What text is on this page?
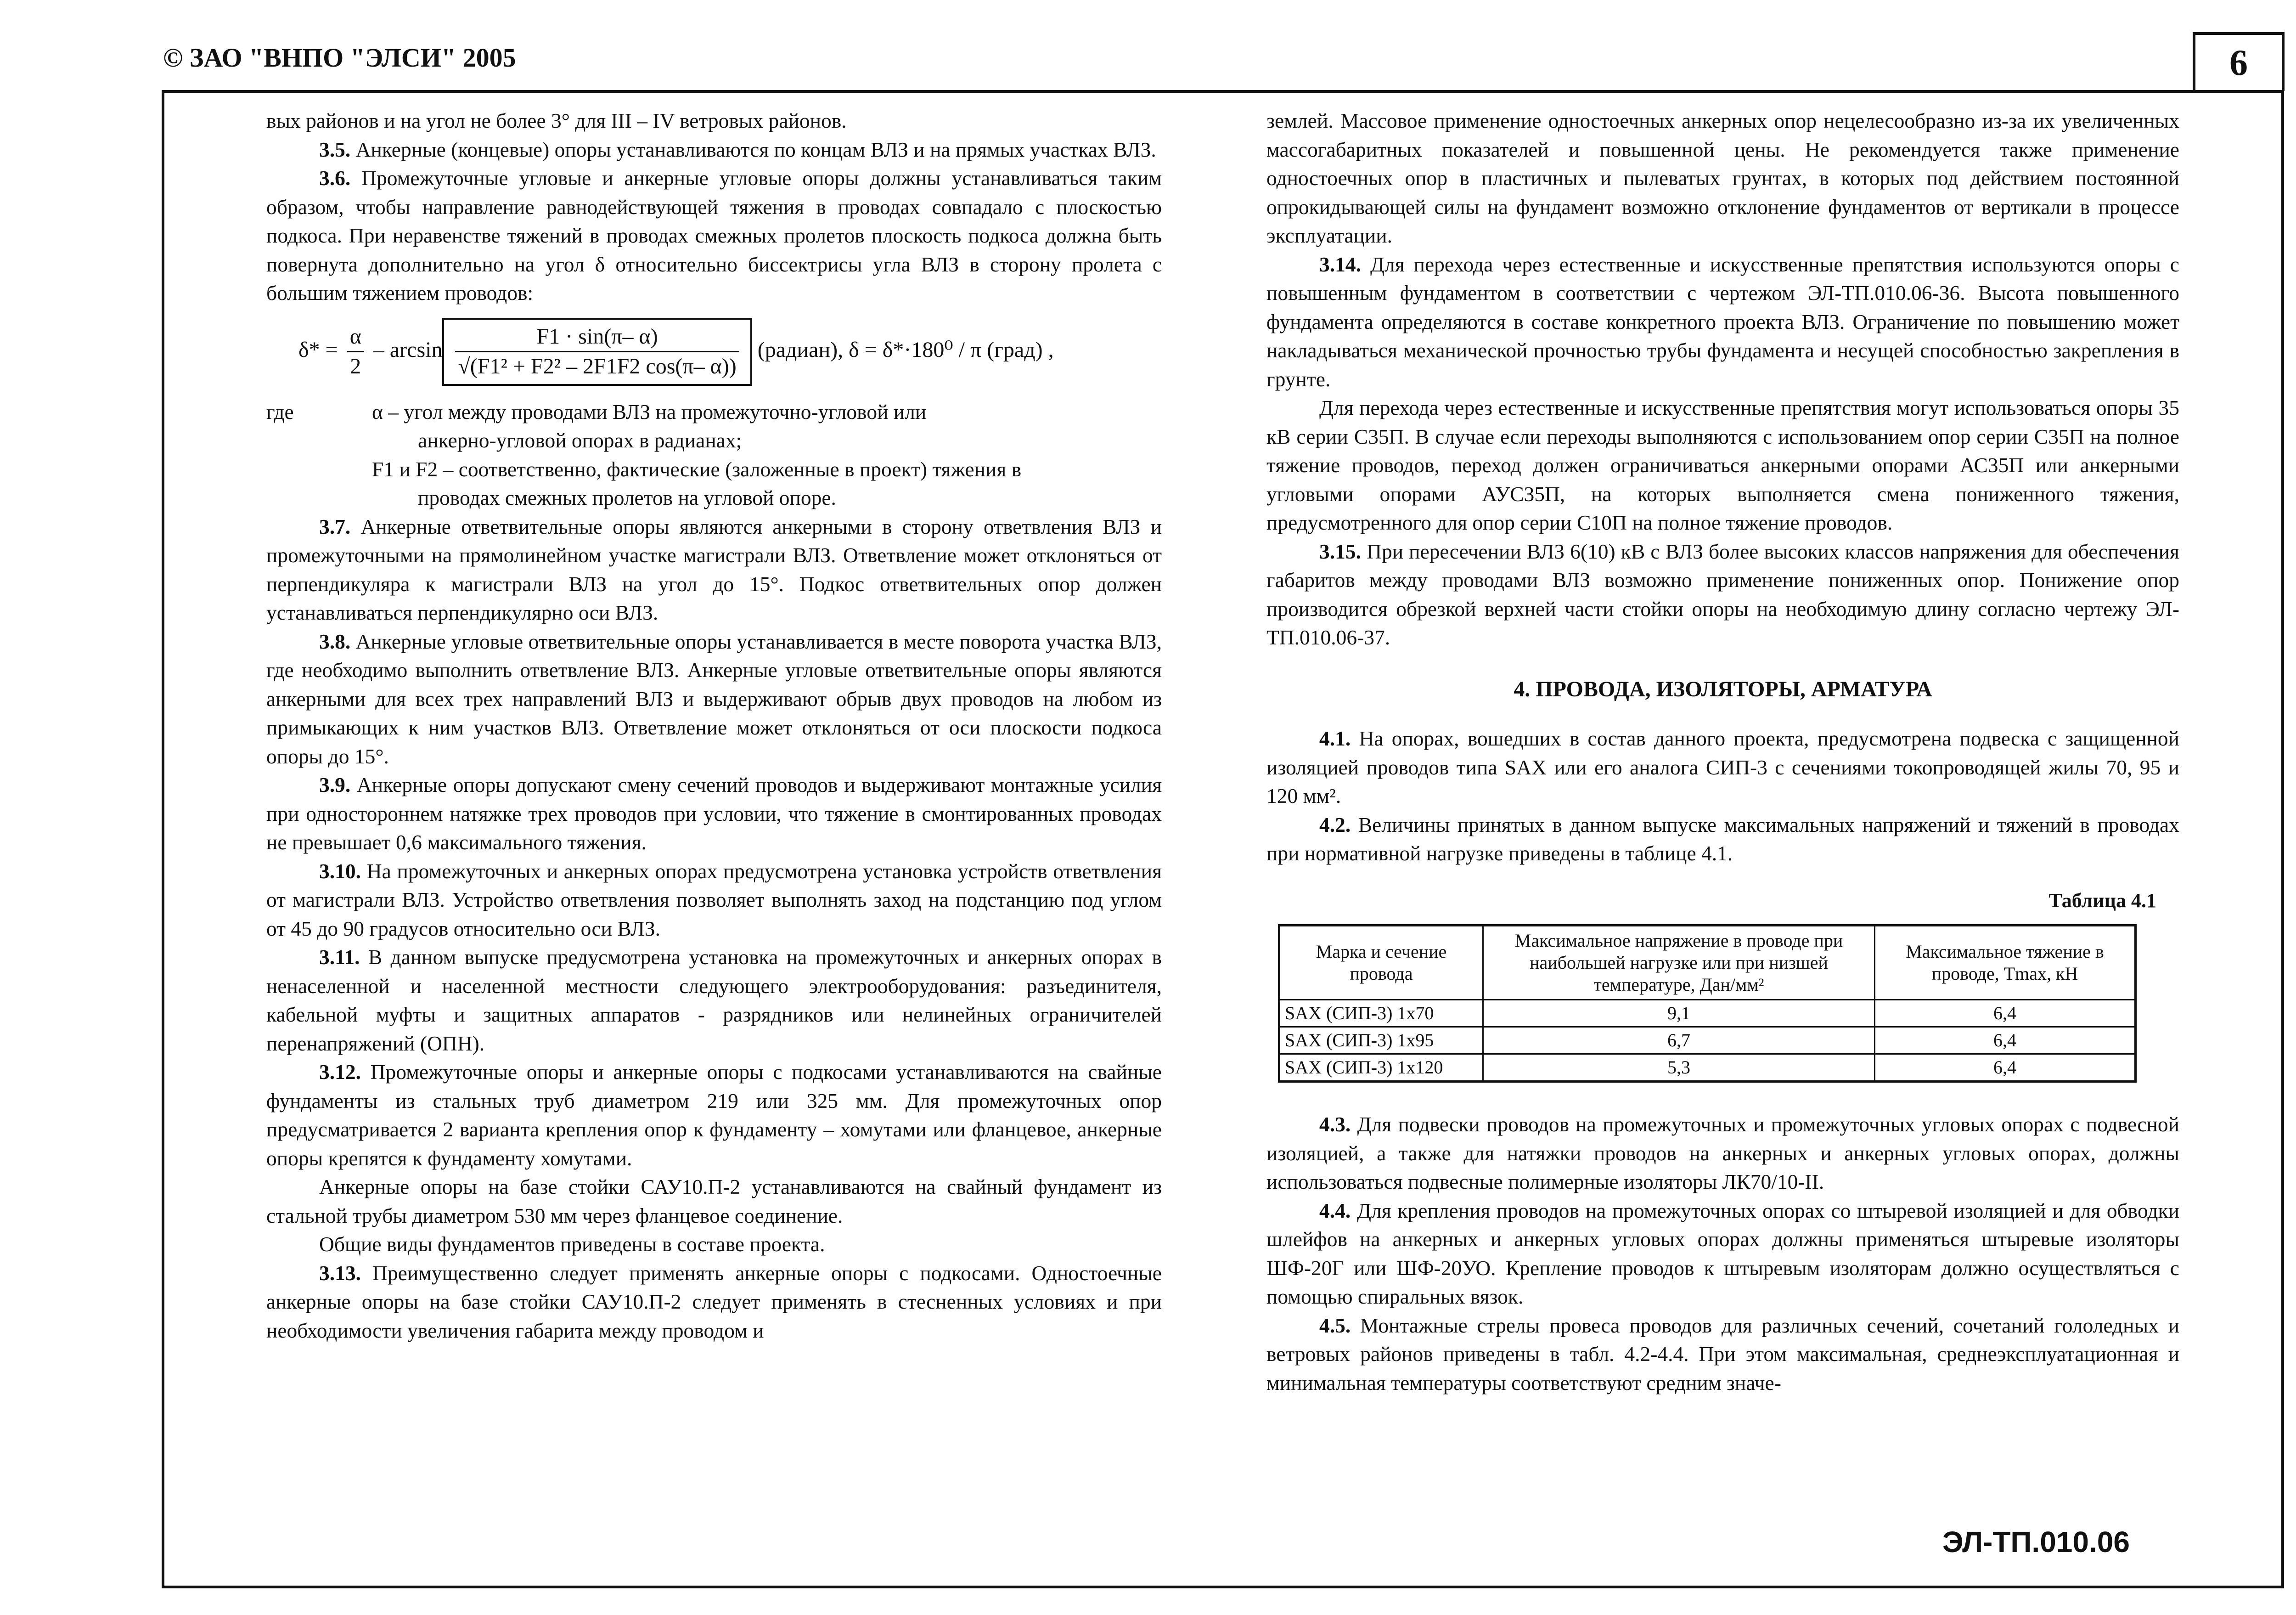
© ЗАО "ВНПО "ЭЛСИ" 2005	6

вых районов и на угол не более 3° для III – IV ветровых районов.

3.5. Анкерные (концевые) опоры устанавливаются по концам ВЛЗ и на прямых участках ВЛЗ.

3.6. Промежуточные угловые и анкерные угловые опоры должны устанавливаться таким образом, чтобы направление равнодействующей тяжения в проводах совпадало с плоскостью подкоса. При неравенстве тяжений в проводах смежных пролетов плоскость подкоса должна быть повернута дополнительно на угол δ относительно биссектрисы угла ВЛЗ в сторону пролета с большим тяжением проводов:

$\delta* = \frac{\alpha}{2} - \arcsin \frac{F1 \cdot \sin(\pi- \alpha)}{\text{√(F1² + F2² – 2F1F2 cos(π– α))}}$ (радиан), δ = δ*·180⁰ / π (град) ,
где	α – угол между проводами ВЛЗ на промежуточно-угловой или
анкерно-угловой опорах в радианах;
F1 и F2 – соответственно, фактические (заложенные в проект) тяжения в
проводах смежных пролетов на угловой опоре.

3.7. Анкерные ответвительные опоры являются анкерными в сторону ответвления ВЛЗ и промежуточными на прямолинейном участке магистрали ВЛЗ. Ответвление может отклоняться от перпендикуляра к магистрали ВЛЗ на угол до 15°. Подкос ответвительных опор должен устанавливаться перпендикулярно оси ВЛЗ.

3.8. Анкерные угловые ответвительные опоры устанавливается в месте поворота участка ВЛЗ, где необходимо выполнить ответвление ВЛЗ. Анкерные угловые ответвительные опоры являются анкерными для всех трех направлений ВЛЗ и выдерживают обрыв двух проводов на любом из примыкающих к ним участков ВЛЗ. Ответвление может отклоняться от оси плоскости подкоса опоры до 15°.

3.9. Анкерные опоры допускают смену сечений проводов и выдерживают монтажные усилия при одностороннем натяжке трех проводов при условии, что тяжение в смонтированных проводах не превышает 0,6 максимального тяжения.

3.10. На промежуточных и анкерных опорах предусмотрена установка устройств ответвления от магистрали ВЛЗ. Устройство ответвления позволяет выполнять заход на подстанцию под углом от 45 до 90 градусов относительно оси ВЛЗ.

3.11. В данном выпуске предусмотрена установка на промежуточных и анкерных опорах в ненаселенной и населенной местности следующего электрооборудования: разъединителя, кабельной муфты и защитных аппаратов - разрядников или нелинейных ограничителей перенапряжений (ОПН).

3.12. Промежуточные опоры и анкерные опоры с подкосами устанавливаются на свайные фундаменты из стальных труб диаметром 219 или 325 мм. Для промежуточных опор предусматривается 2 варианта крепления опор к фундаменту – хомутами или фланцевое, анкерные опоры крепятся к фундаменту хомутами.

Анкерные опоры на базе стойки САУ10.П-2 устанавливаются на свайный фундамент из стальной трубы диаметром 530 мм через фланцевое соединение.

Общие виды фундаментов приведены в составе проекта.

3.13. Преимущественно следует применять анкерные опоры с подкосами. Одностоечные анкерные опоры на базе стойки САУ10.П-2 следует применять в стесненных условиях и при необходимости увеличения габарита между проводом и

землей. Массовое применение одностоечных анкерных опор нецелесообразно из-за их увеличенных массогабаритных показателей и повышенной цены. Не рекомендуется также применение одностоечных опор в пластичных и пылеватых грунтах, в которых под действием постоянной опрокидывающей силы на фундамент возможно отклонение фундаментов от вертикали в процессе эксплуатации.

3.14. Для перехода через естественные и искусственные препятствия используются опоры с повышенным фундаментом в соответствии с чертежом ЭЛ-ТП.010.06-36. Высота повышенного фундамента определяются в составе конкретного проекта ВЛЗ. Ограничение по повышению может накладываться механической прочностью трубы фундамента и несущей способностью закрепления в грунте.

Для перехода через естественные и искусственные препятствия могут использоваться опоры 35 кВ серии С35П. В случае если переходы выполняются с использованием опор серии С35П на полное тяжение проводов, переход должен ограничиваться анкерными опорами АС35П или анкерными угловыми опорами АУС35П, на которых выполняется смена пониженного тяжения, предусмотренного для опор серии С10П на полное тяжение проводов.

3.15. При пересечении ВЛЗ 6(10) кВ с ВЛЗ более высоких классов напряжения для обеспечения габаритов между проводами ВЛЗ возможно применение пониженных опор. Понижение опор производится обрезкой верхней части стойки опоры на необходимую длину согласно чертежу ЭЛ-ТП.010.06-37.

4. ПРОВОДА, ИЗОЛЯТОРЫ, АРМАТУРА

4.1. На опорах, вошедших в состав данного проекта, предусмотрена подвеска с защищенной изоляцией проводов типа SAX или его аналога СИП-3 с сечениями токопроводящей жилы 70, 95 и 120 мм².

4.2. Величины принятых в данном выпуске максимальных напряжений и тяжений в проводах при нормативной нагрузке приведены в таблице 4.1.

Таблица 4.1
Марка и сечение провода	Максимальное напряжение в проводе при наибольшей нагрузке или при низшей температуре, Дан/мм²	Максимальное тяжение в проводе, Tmax, кН
SAX (СИП-3) 1х70	9,1	6,4
SAX (СИП-3) 1х95	6,7	6,4
SAX (СИП-3) 1х120	5,3	6,4

4.3. Для подвески проводов на промежуточных и промежуточных угловых опорах с подвесной изоляцией, а также для натяжки проводов на анкерных и анкерных угловых опорах, должны использоваться подвесные полимерные изоляторы ЛК70/10-II.

4.4. Для крепления проводов на промежуточных опорах со штыревой изоляцией и для обводки шлейфов на анкерных и анкерных угловых опорах должны применяться штыревые изоляторы ШФ-20Г или ШФ-20УО. Крепление проводов к штыревым изоляторам должно осуществляться с помощью спиральных вязок.

4.5. Монтажные стрелы провеса проводов для различных сечений, сочетаний гололедных и ветровых районов приведены в табл. 4.2-4.4. При этом максимальная, среднеэксплуатационная и минимальная температуры соответствуют средним значе-

ЭЛ-ТП.010.06
